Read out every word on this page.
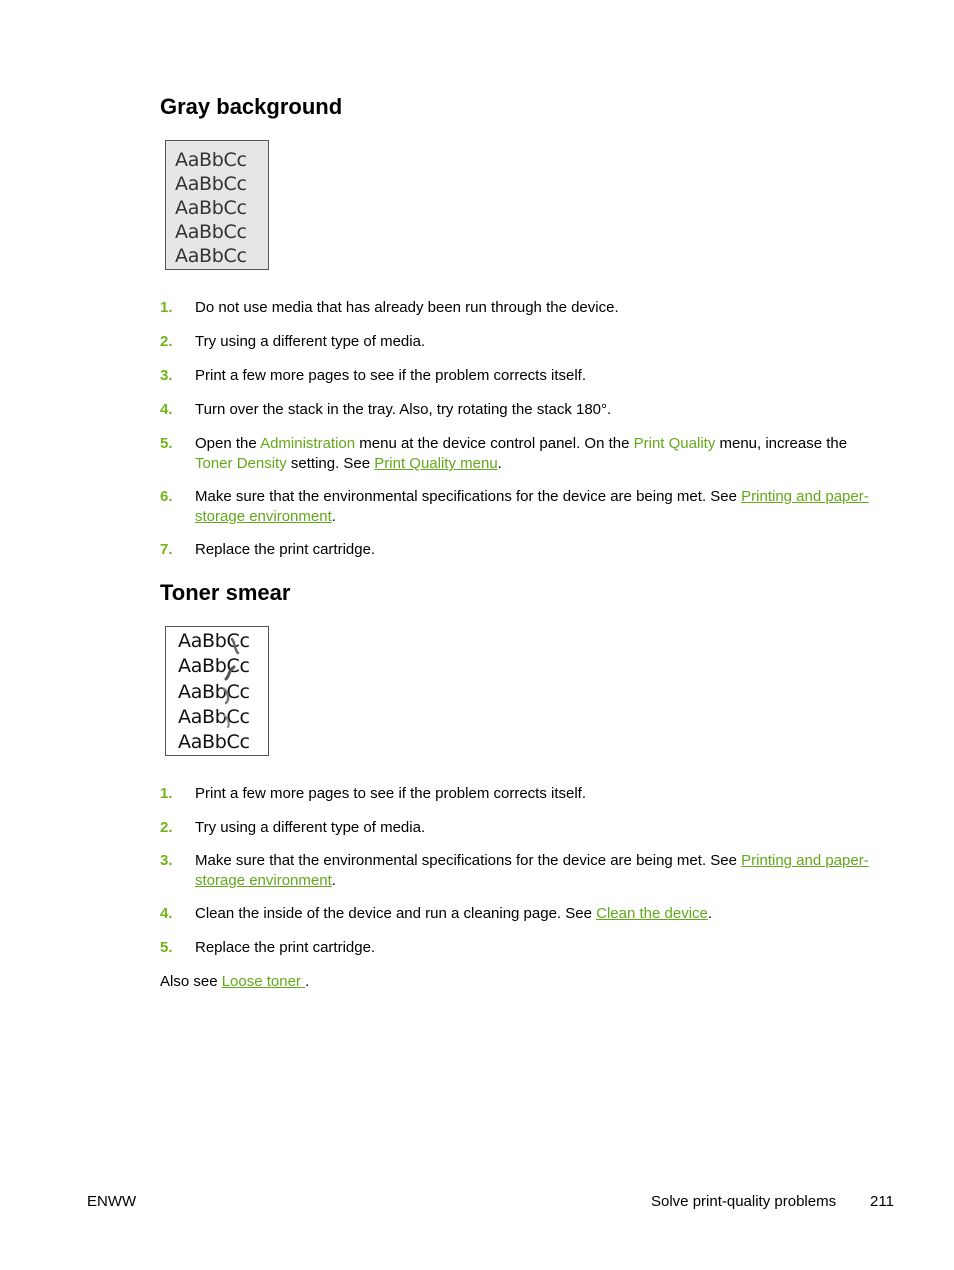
Gray background
AaBbCc
AaBbCc
AaBbCc
AaBbCc
AaBbCc
1. Do not use media that has already been run through the device.
2. Try using a different type of media.
3. Print a few more pages to see if the problem corrects itself.
4. Turn over the stack in the tray. Also, try rotating the stack 180°.
5. Open the Administration menu at the device control panel. On the Print Quality menu, increase the Toner Density setting. See Print Quality menu.
6. Make sure that the environmental specifications for the device are being met. See Printing and paper-storage environment.
7. Replace the print cartridge.
Toner smear
AaBbCc
AaBbCc
AaBbCc
AaBbCc
AaBbCc
1. Print a few more pages to see if the problem corrects itself.
2. Try using a different type of media.
3. Make sure that the environmental specifications for the device are being met. See Printing and paper-storage environment.
4. Clean the inside of the device and run a cleaning page. See Clean the device.
5. Replace the print cartridge.
Also see Loose toner .
ENWW	Solve print-quality problems 211
